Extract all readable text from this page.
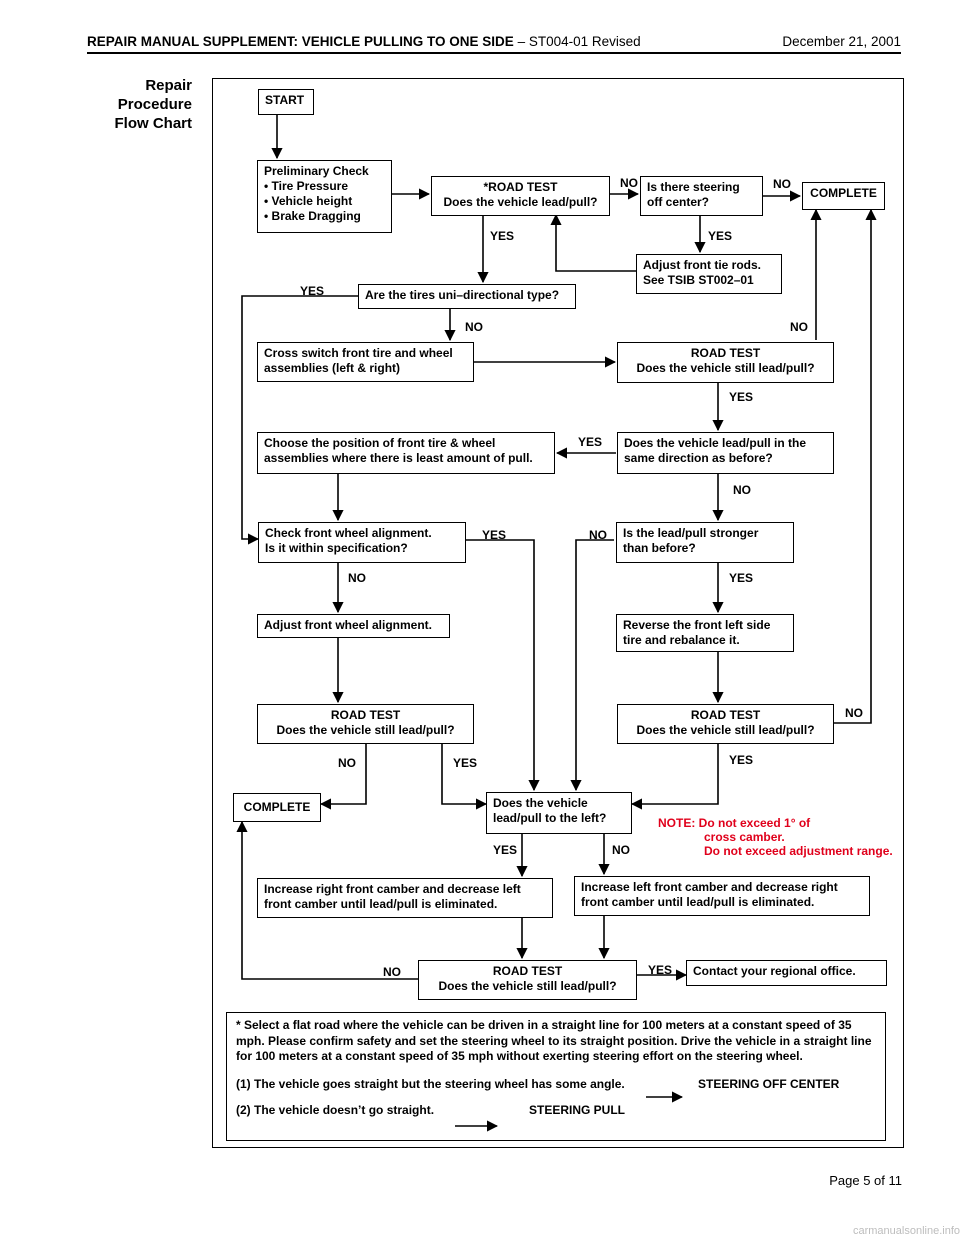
REPAIR MANUAL SUPPLEMENT: VEHICLE PULLING TO ONE SIDE – ST004-01 Revised	December 21, 2001
Repair
Procedure
Flow Chart
START
Preliminary Check
• Tire Pressure
• Vehicle height
• Brake Dragging
*ROAD TEST
Does the vehicle lead/pull?
Is there steering
off center?
COMPLETE
Adjust front tie rods.
See TSIB ST002–01
Are the tires uni–directional type?
Cross switch front tire and wheel
assemblies (left & right)
ROAD TEST
Does the vehicle still lead/pull?
Choose the position of front tire & wheel
assemblies where there is least amount of pull.
Does the vehicle lead/pull in the
same direction as before?
Check front wheel alignment.
Is it within specification?
Is the lead/pull stronger
than before?
Adjust front wheel alignment.	Reverse the front left side
tire and rebalance it.
ROAD TEST
Does the vehicle still lead/pull?
ROAD TEST
Does the vehicle still lead/pull?
COMPLETE	Does the vehicle
lead/pull to the left?
Increase right front camber and decrease left
front camber until lead/pull is eliminated.
Increase left front camber and decrease right
front camber until lead/pull is eliminated.
ROAD TEST
Does the vehicle still lead/pull?
Contact your regional office.
NO	NO
YES	YES
YES
NO	NO
YES
YES
NO
YES	NO
NO	YES
NO
NO	YES	YES
YES	NO
NO	YES
NOTE: Do not exceed 1° of
cross camber.
Do not exceed adjustment range.

* Select a flat road where the vehicle can be driven in a straight line for 100 meters at a constant speed of 35 mph. Please confirm safety and set the steering wheel to its straight position. Drive the vehicle in a straight line for 100 meters at a constant speed of 35 mph without exerting steering effort on the steering wheel.

(1) The vehicle goes straight but the steering wheel has some angle.	STEERING OFF CENTER
(2) The vehicle doesn’t go straight.	STEERING PULL
Page 5 of 11
carmanualsonline.info
